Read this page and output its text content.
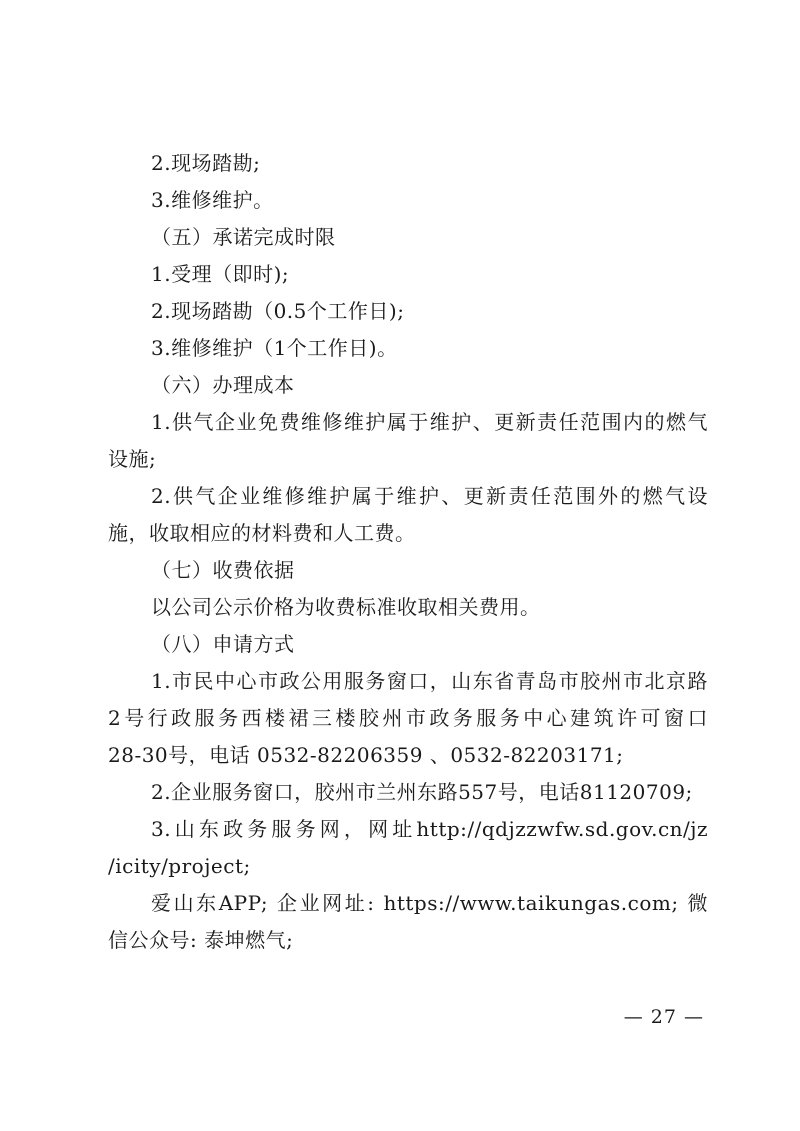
2.现场踏勘;
3.维修维护。
（五）承诺完成时限
1.受理（即时);
2.现场踏勘（0.5个工作日);
3.维修维护（1个工作日)。
（六）办理成本
1.供气企业免费维修维护属于维护、更新责任范围内的燃气
设施;
2.供气企业维修维护属于维护、更新责任范围外的燃气设
施，收取相应的材料费和人工费。
（七）收费依据
以公司公示价格为收费标准收取相关费用。
（八）申请方式
1.市民中心市政公用服务窗口，山东省青岛市胶州市北京路
2号行政服务西楼裙三楼胶州市政务服务中心建筑许可窗口
28-30号，电话 0532-82206359 、0532-82203171;
2.企业服务窗口，胶州市兰州东路557号，电话81120709;
3.山东政务服务网，网址http://qdjzzwfw.sd.gov.cn/jz
/icity/project;
爱山东APP; 企业网址: https://www.taikungas.com; 微
信公众号: 泰坤燃气;
— 27 —
